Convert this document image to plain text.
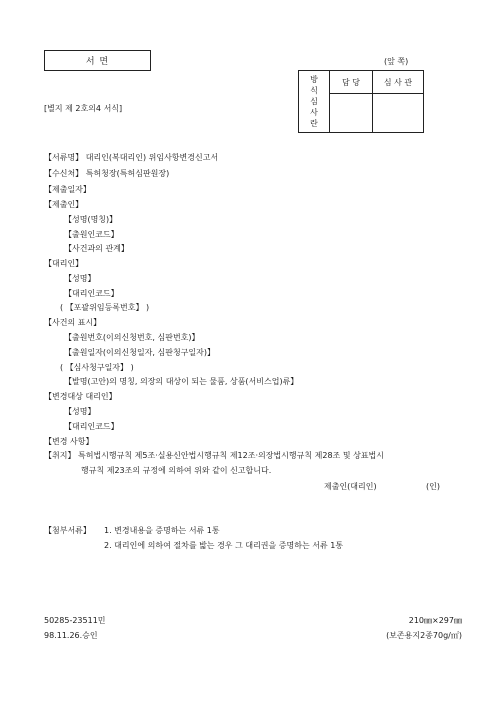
서 면	(앞 쪽)
[별지 제 2호의4 서식]
방
식
심
사
란	담 당	심 사 관

【서류명】 대리인(복대리인) 위임사항변경신고서
【수신처】 특허청장(특허심판원장)
【제출일자】
【제출인】
【성명(명칭)】
【출원인코드】
【사건과의 관계】
【대리인】
【성명】
【대리인코드】
( 【포괄위임등록번호】 )
【사건의 표시】
【출원번호(이의신청번호, 심판번호)】
【출원일자(이의신청일자, 심판청구일자)】
( 【심사청구일자】 )
【발명(고안)의 명칭, 의장의 대상이 되는 물품, 상품(서비스업)류】
【변경대상 대리인】
【성명】
【대리인코드】
【변경 사항】
【취지】 특허법시행규칙 제5조·실용신안법시행규칙 제12조·의장법시행규칙 제28조 및 상표법시
행규칙 제23조의 규정에 의하여 위와 같이 신고합니다.
제출인(대리인)	(인)
【첨부서류】 1. 변경내용을 증명하는 서류 1통
2. 대리인에 의하여 절차를 밟는 경우 그 대리권을 증명하는 서류 1통
50285-23511민
98.11.26.승인
210㎜×297㎜
(보존용지2종70g/㎡)
